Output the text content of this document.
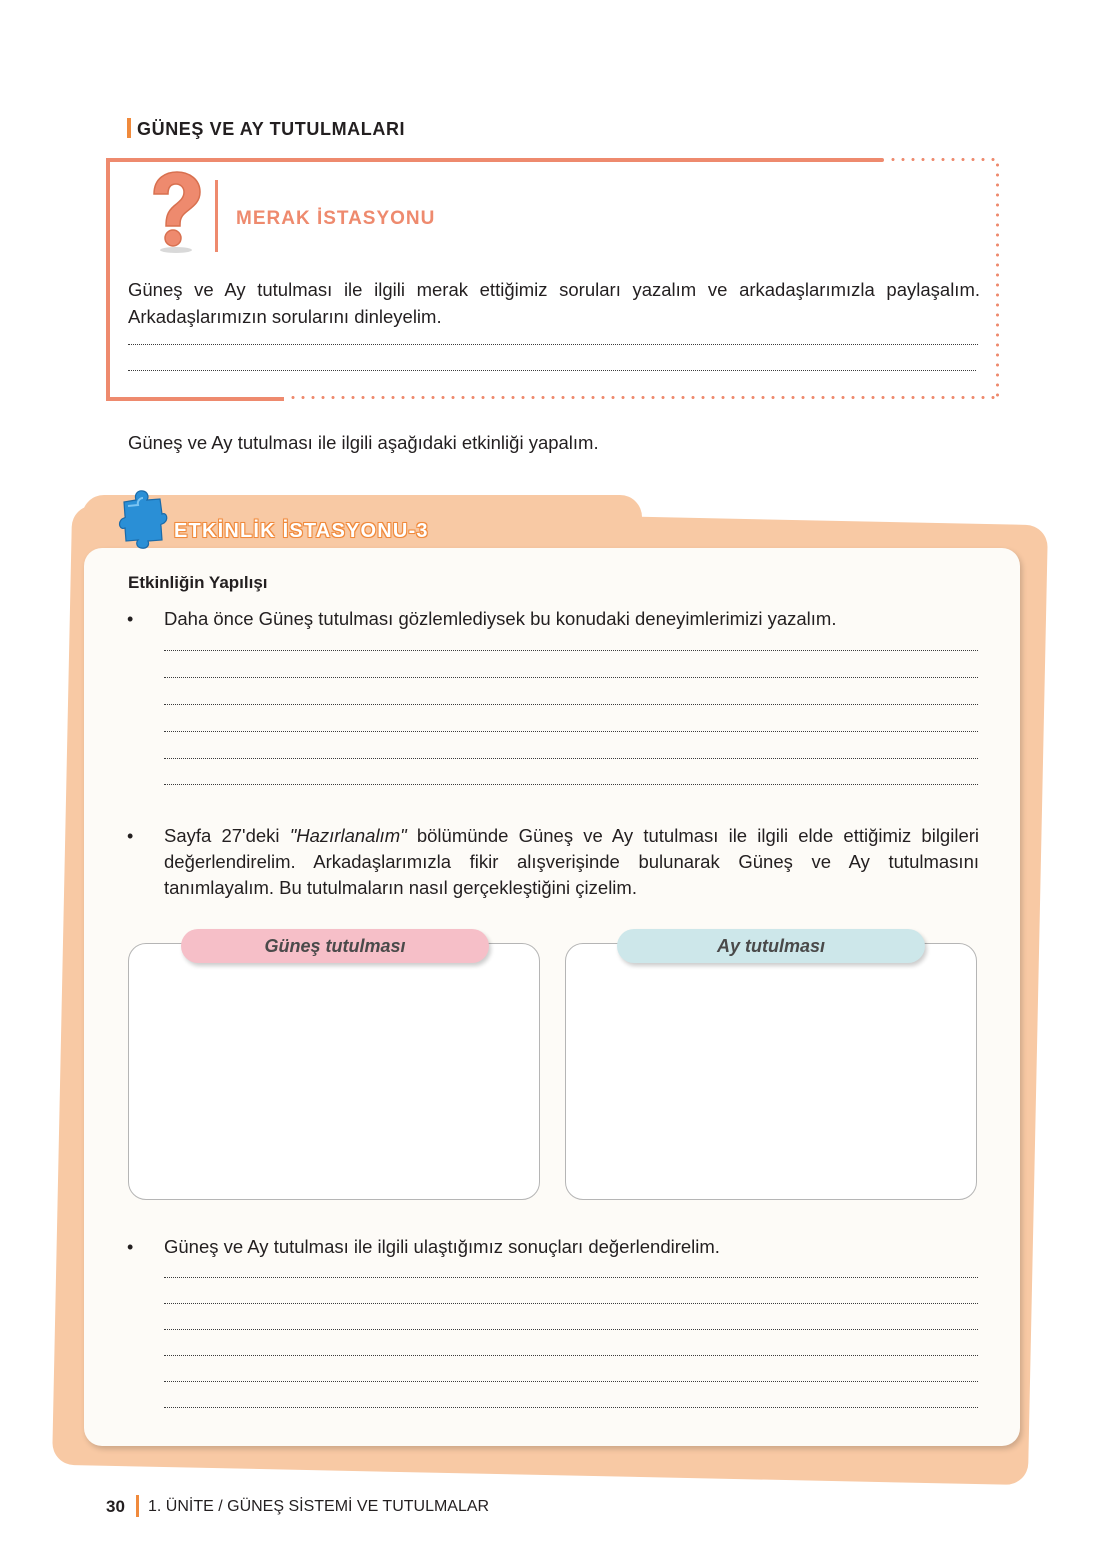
GÜNEŞ VE AY TUTULMALARI
MERAK İSTASYONU
Güneş ve Ay tutulması ile ilgili merak ettiğimiz soruları yazalım ve arkadaşlarımızla paylaşalım. Arkadaşlarımızın sorularını dinleyelim.
Güneş ve Ay tutulması ile ilgili aşağıdaki etkinliği yapalım.
ETKİNLİK İSTASYONU-3
Etkinliğin Yapılışı
• Daha önce Güneş tutulması gözlemlediysek bu konudaki deneyimlerimizi yazalım.
• Sayfa 27'deki "Hazırlanalım" bölümünde Güneş ve Ay tutulması ile ilgili elde ettiğimiz bilgileri değerlendirelim. Arkadaşlarımızla fikir alışverişinde bulunarak Güneş ve Ay tutulmasını tanımlayalım. Bu tutulmaların nasıl gerçekleştiğini çizelim.
Güneş tutulması	Ay tutulması
• Güneş ve Ay tutulması ile ilgili ulaştığımız sonuçları değerlendirelim.
30 1. ÜNİTE / GÜNEŞ SİSTEMİ VE TUTULMALAR
